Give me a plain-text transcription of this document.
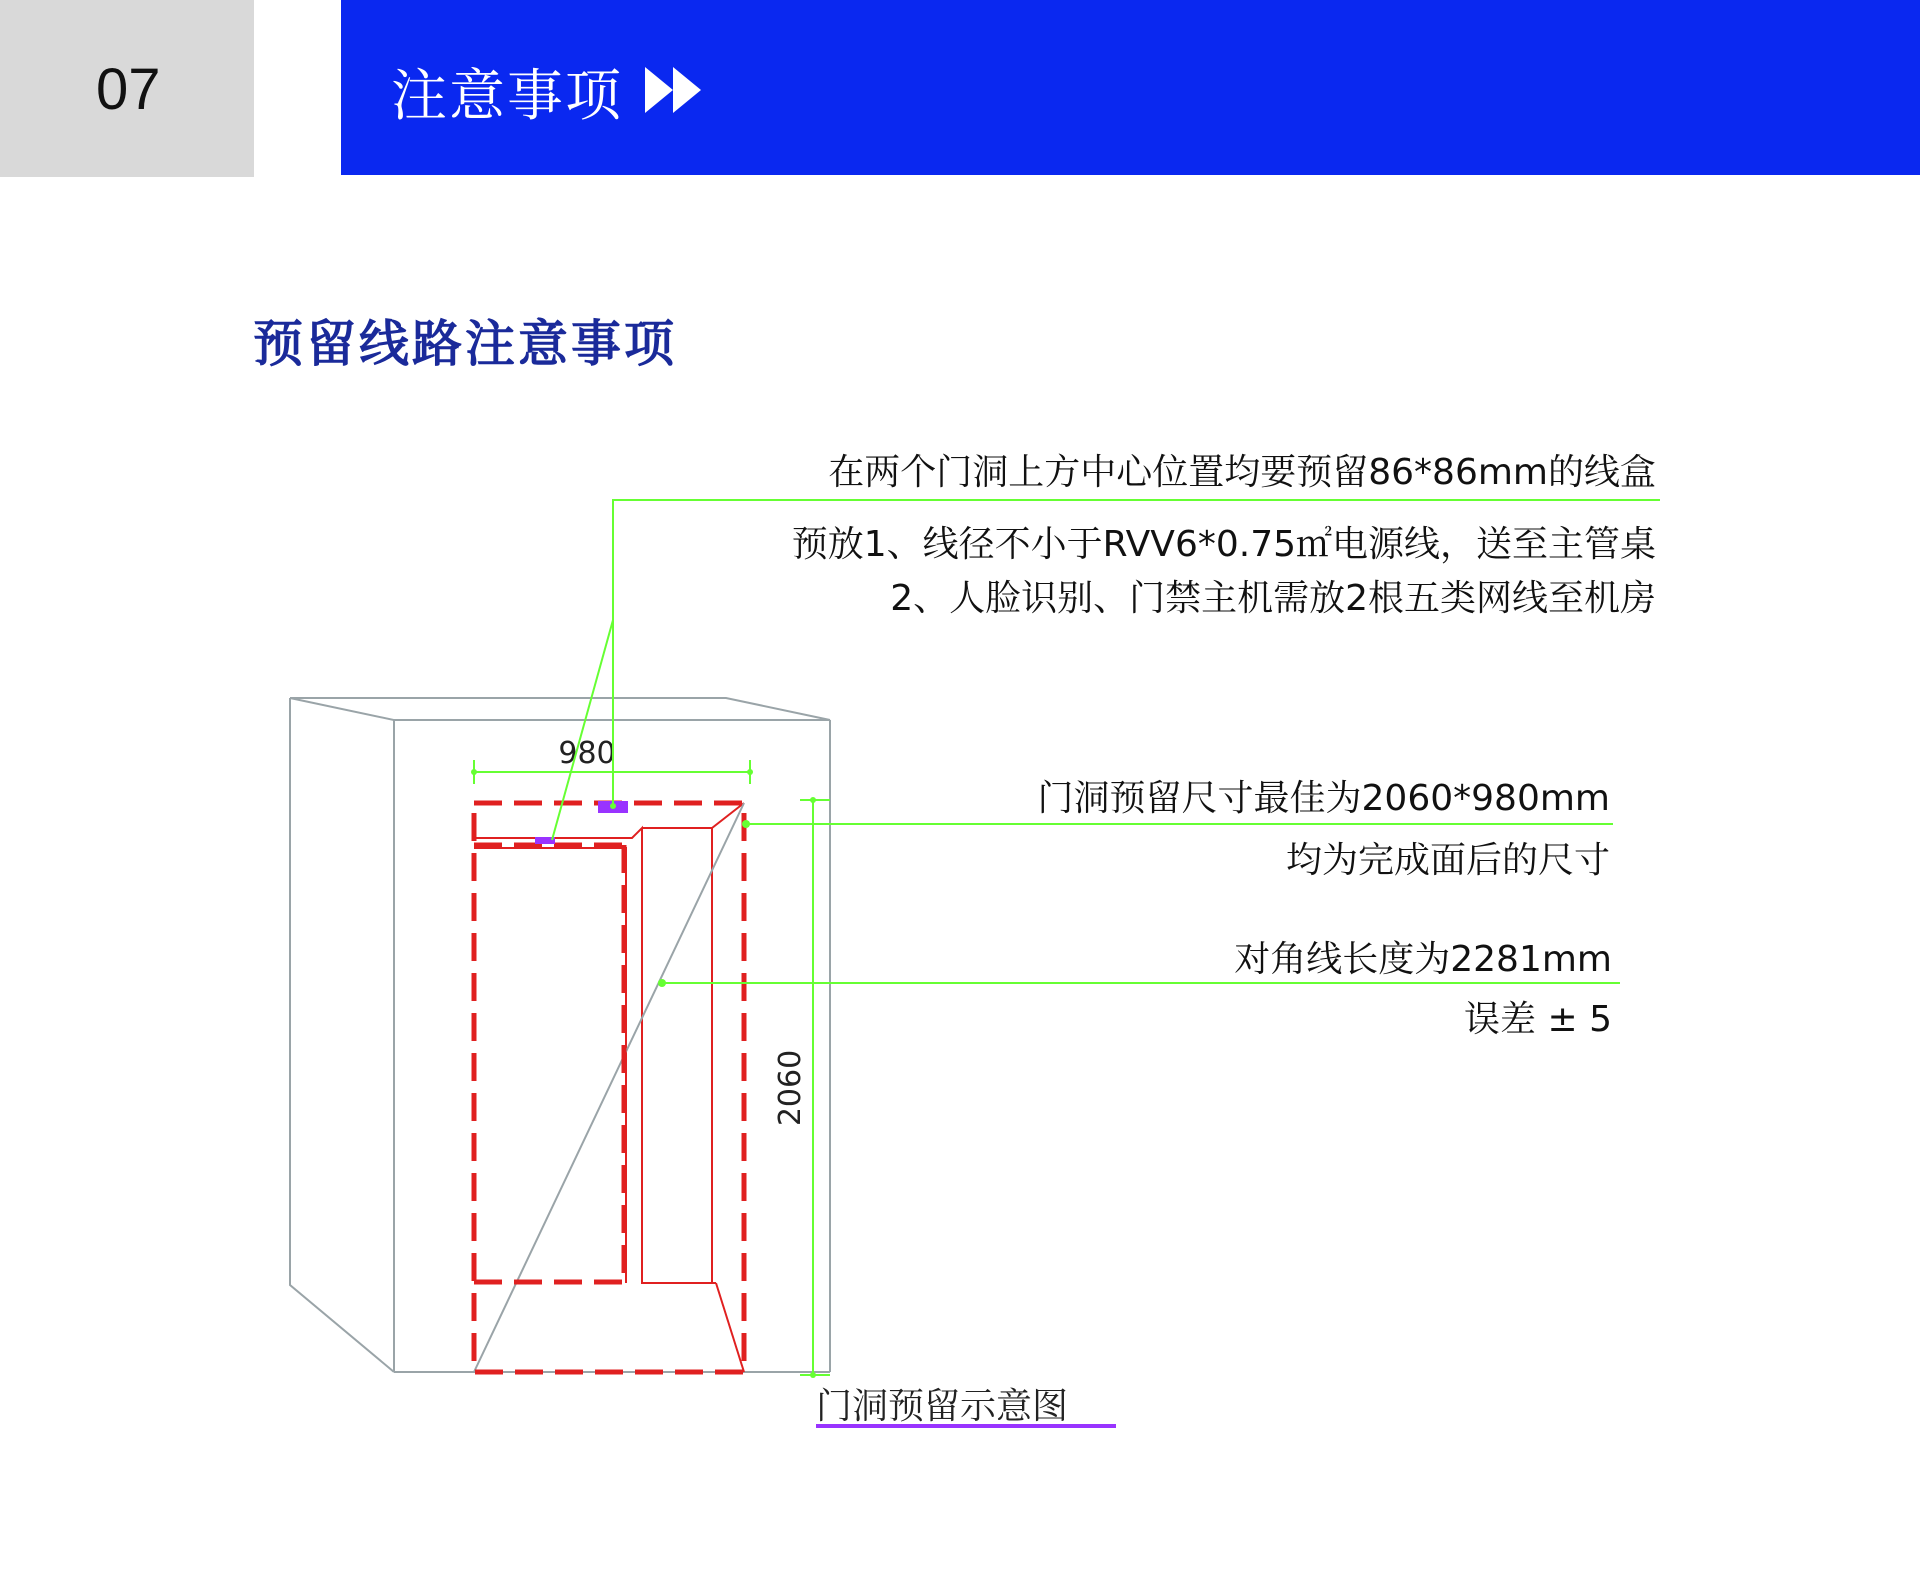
07	注意事项
预留线路注意事项
980
2060
在两个门洞上方中心位置均要预留86*86mm的线盒
预放1、线径不小于RVV6*0.75㎡电源线，送至主管桌
2、人脸识别、门禁主机需放2根五类网线至机房
门洞预留尺寸最佳为2060*980mm
均为完成面后的尺寸
对角线长度为2281mm
误差 ± 5
门洞预留示意图
